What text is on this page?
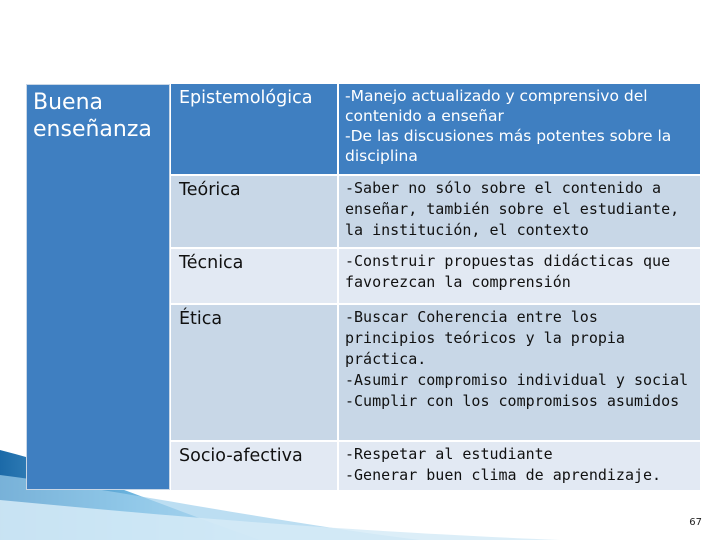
Buena
enseñanza
Epistemológica	-Manejo actualizado y comprensivo del contenido a enseñar
-De las discusiones más potentes sobre la disciplina
Teórica	-Saber no sólo sobre el contenido a enseñar, también sobre el estudiante, la institución, el contexto
Técnica	-Construir propuestas didácticas que favorezcan la comprensión
Ética	-Buscar Coherencia entre los principios teóricos y la propia práctica.
-Asumir compromiso individual y social
-Cumplir con los compromisos asumidos
Socio-afectiva	-Respetar al estudiante
-Generar buen clima de aprendizaje.
67
